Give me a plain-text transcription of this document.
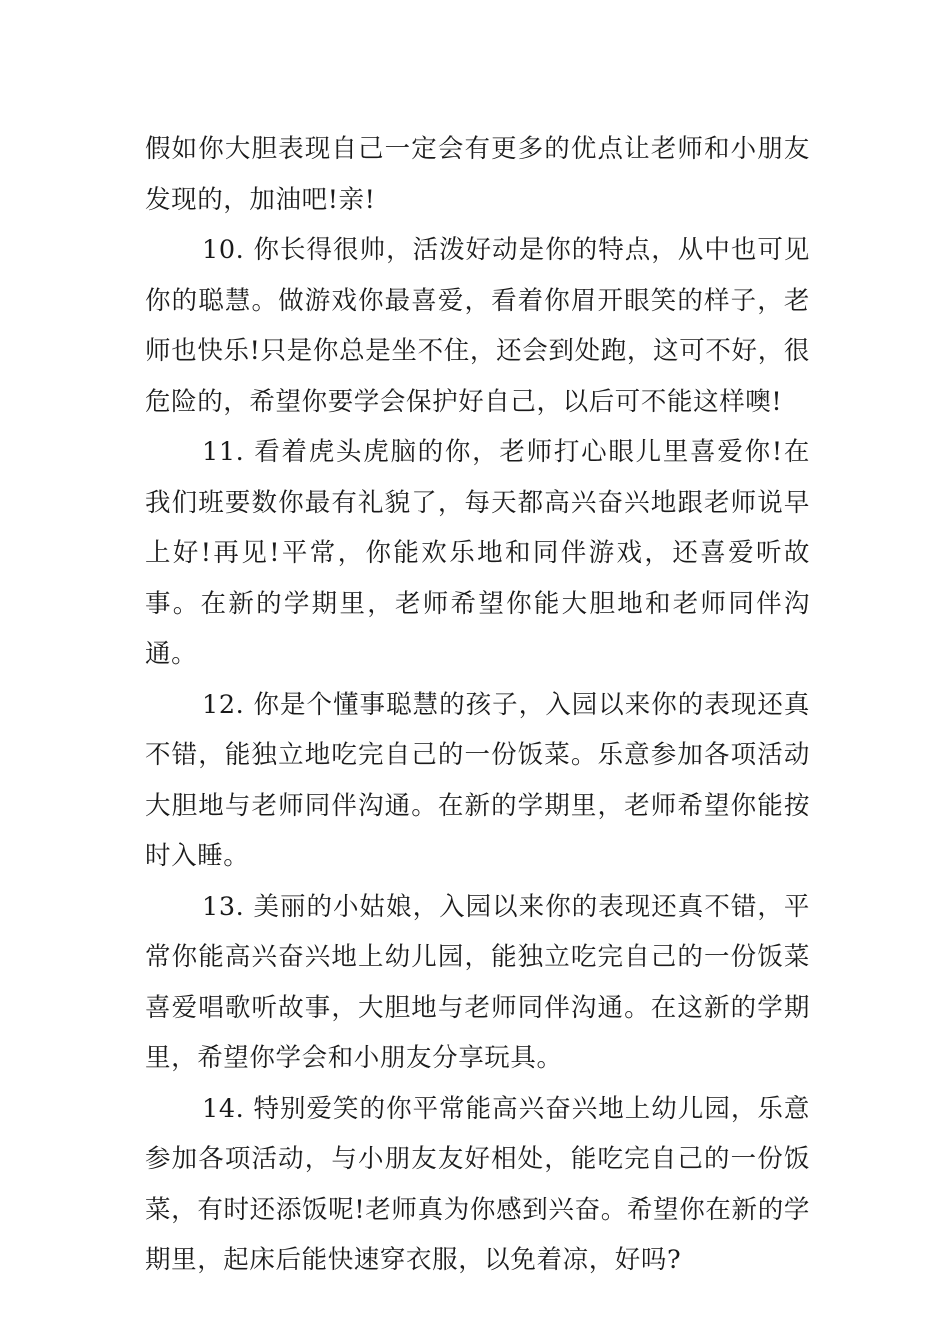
假如你大胆表现自己一定会有更多的优点让老师和小朋友发现的，加油吧!亲!

10. 你长得很帅，活泼好动是你的特点，从中也可见你的聪慧。做游戏你最喜爱，看着你眉开眼笑的样子，老师也快乐!只是你总是坐不住，还会到处跑，这可不好，很危险的，希望你要学会保护好自己，以后可不能这样噢!

11. 看着虎头虎脑的你，老师打心眼儿里喜爱你!在我们班要数你最有礼貌了，每天都高兴奋兴地跟老师说早上好!再见!平常，你能欢乐地和同伴游戏，还喜爱听故事。在新的学期里，老师希望你能大胆地和老师同伴沟通。

12. 你是个懂事聪慧的孩子，入园以来你的表现还真不错，能独立地吃完自己的一份饭菜。乐意参加各项活动大胆地与老师同伴沟通。在新的学期里，老师希望你能按时入睡。

13. 美丽的小姑娘，入园以来你的表现还真不错，平常你能高兴奋兴地上幼儿园，能独立吃完自己的一份饭菜喜爱唱歌听故事，大胆地与老师同伴沟通。在这新的学期里，希望你学会和小朋友分享玩具。

14. 特别爱笑的你平常能高兴奋兴地上幼儿园，乐意参加各项活动，与小朋友友好相处，能吃完自己的一份饭菜，有时还添饭呢!老师真为你感到兴奋。希望你在新的学期里，起床后能快速穿衣服，以免着凉，好吗?
